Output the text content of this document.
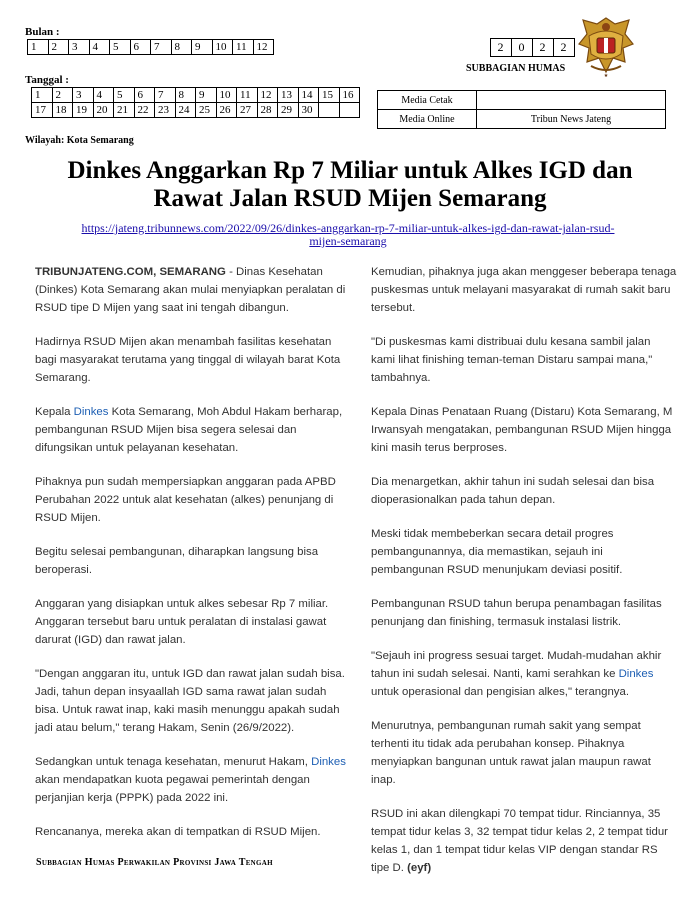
Bulan :
1	2	3	4	5	6	7	8	9	10	11	12
Tanggal :
1	2	3	4	5	6	7	8	9	10	11	12	13	14	15	16
17	18	19	20	21	22	23	24	25	26	27	28	29	30		
2	0	2	2
SUBBAGIAN HUMAS
★
Media Cetak	
Media Online	Tribun News Jateng
Wilayah: Kota Semarang
Dinkes Anggarkan Rp 7 Miliar untuk Alkes IGD dan
Rawat Jalan RSUD Mijen Semarang
https://jateng.tribunnews.com/2022/09/26/dinkes-anggarkan-rp-7-miliar-untuk-alkes-igd-dan-rawat-jalan-rsud-
mijen-semarang

TRIBUNJATENG.COM, SEMARANG - Dinas Kesehatan (Dinkes) Kota Semarang akan mulai menyiapkan peralatan di RSUD tipe D Mijen yang saat ini tengah dibangun.

Hadirnya RSUD Mijen akan menambah fasilitas kesehatan bagi masyarakat terutama yang tinggal di wilayah barat Kota Semarang.

Kepala Dinkes Kota Semarang, Moh Abdul Hakam berharap, pembangunan RSUD Mijen bisa segera selesai dan difungsikan untuk pelayanan kesehatan.

Pihaknya pun sudah mempersiapkan anggaran pada APBD Perubahan 2022 untuk alat kesehatan (alkes) penunjang di RSUD Mijen.

Begitu selesai pembangunan, diharapkan langsung bisa beroperasi.

Anggaran yang disiapkan untuk alkes sebesar Rp 7 miliar. Anggaran tersebut baru untuk peralatan di instalasi gawat darurat (IGD) dan rawat jalan.

"Dengan anggaran itu, untuk IGD dan rawat jalan sudah bisa. Jadi, tahun depan insyaallah IGD sama rawat jalan sudah bisa. Untuk rawat inap, kaki masih menunggu apakah sudah jadi atau belum," terang Hakam, Senin (26/9/2022).

Sedangkan untuk tenaga kesehatan, menurut Hakam, Dinkes akan mendapatkan kuota pegawai pemerintah dengan perjanjian kerja (PPPK) pada 2022 ini.

Rencananya, mereka akan di tempatkan di RSUD Mijen.

Kemudian, pihaknya juga akan menggeser beberapa tenaga puskesmas untuk melayani masyarakat di rumah sakit baru tersebut.

"Di puskesmas kami distribuai dulu kesana sambil jalan kami lihat finishing teman-teman Distaru sampai mana," tambahnya.

Kepala Dinas Penataan Ruang (Distaru) Kota Semarang, M Irwansyah mengatakan, pembangunan RSUD Mijen hingga kini masih terus berproses.

Dia menargetkan, akhir tahun ini sudah selesai dan bisa dioperasionalkan pada tahun depan.

Meski tidak membeberkan secara detail progres pembangunannya, dia memastikan, sejauh ini pembangunan RSUD menunjukam deviasi positif.

Pembangunan RSUD tahun berupa penambagan fasilitas penunjang dan finishing, termasuk instalasi listrik.

"Sejauh ini progress sesuai target. Mudah-mudahan akhir tahun ini sudah selesai. Nanti, kami serahkan ke Dinkes untuk operasional dan pengisian alkes," terangnya.

Menurutnya, pembangunan rumah sakit yang sempat terhenti itu tidak ada perubahan konsep. Pihaknya menyiapkan bangunan untuk rawat jalan maupun rawat inap.

RSUD ini akan dilengkapi 70 tempat tidur. Rinciannya, 35 tempat tidur kelas 3, 32 tempat tidur kelas 2, 2 tempat tidur kelas 1, dan 1 tempat tidur kelas VIP dengan standar RS tipe D. (eyf)

Subbagian Humas Perwakilan Provinsi Jawa Tengah
